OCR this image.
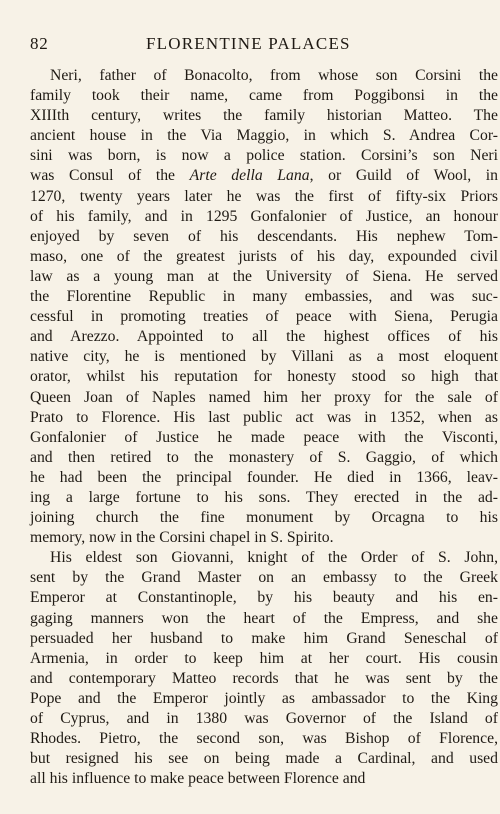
82	FLORENTINE PALACES
Neri, father of Bonacolto, from whose son Corsini the
family took their name, came from Poggibonsi in the
XIIIth century, writes the family historian Matteo. The
ancient house in the Via Maggio, in which S. Andrea Cor-
sini was born, is now a police station. Corsini’s son Neri
was Consul of the Arte della Lana, or Guild of Wool, in
1270, twenty years later he was the first of fifty-six Priors
of his family, and in 1295 Gonfalonier of Justice, an honour
enjoyed by seven of his descendants. His nephew Tom-
maso, one of the greatest jurists of his day, expounded civil
law as a young man at the University of Siena. He served
the Florentine Republic in many embassies, and was suc-
cessful in promoting treaties of peace with Siena, Perugia
and Arezzo. Appointed to all the highest offices of his
native city, he is mentioned by Villani as a most eloquent
orator, whilst his reputation for honesty stood so high that
Queen Joan of Naples named him her proxy for the sale of
Prato to Florence. His last public act was in 1352, when as
Gonfalonier of Justice he made peace with the Visconti,
and then retired to the monastery of S. Gaggio, of which
he had been the principal founder. He died in 1366, leav-
ing a large fortune to his sons. They erected in the ad-
joining church the fine monument by Orcagna to his
memory, now in the Corsini chapel in S. Spirito.
His eldest son Giovanni, knight of the Order of S. John,
sent by the Grand Master on an embassy to the Greek
Emperor at Constantinople, by his beauty and his en-
gaging manners won the heart of the Empress, and she
persuaded her husband to make him Grand Seneschal of
Armenia, in order to keep him at her court. His cousin
and contemporary Matteo records that he was sent by the
Pope and the Emperor jointly as ambassador to the King
of Cyprus, and in 1380 was Governor of the Island of
Rhodes. Pietro, the second son, was Bishop of Florence,
but resigned his see on being made a Cardinal, and used
all his influence to make peace between Florence and
